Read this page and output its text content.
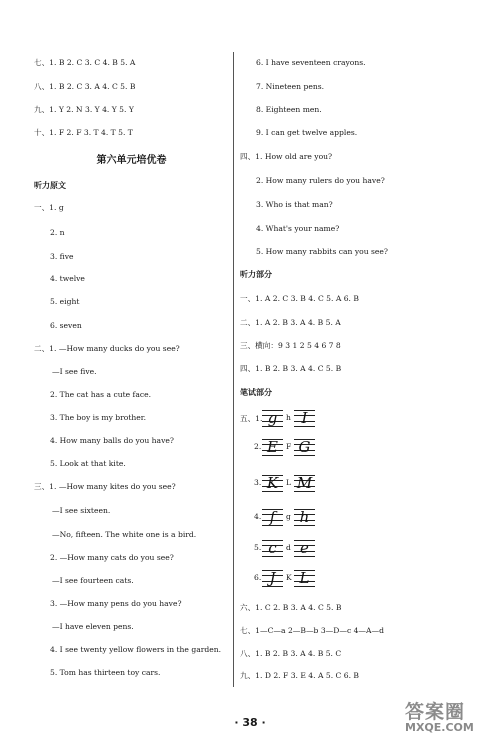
七、1. B 2. C 3. C 4. B 5. A
八、1. B 2. C 3. A 4. C 5. B
九、1. Y 2. N 3. Y 4. Y 5. Y
十、1. F 2. F 3. T 4. T 5. T
第六单元培优卷
听力原文
一、1. g
2. n
3. five
4. twelve
5. eight
6. seven
二、1. —How many ducks do you see?
—I see five.
2. The cat has a cute face.
3. The boy is my brother.
4. How many balls do you have?
5. Look at that kite.
三、1. —How many kites do you see?
—I see sixteen.
—No, fifteen. The white one is a bird.
2. —How many cats do you see?
—I see fourteen cats.
3. —How many pens do you have?
—I have eleven pens.
4. I see twenty yellow flowers in the garden.
5. Tom has thirteen toy cars.
6. I have seventeen crayons.
7. Nineteen pens.
8. Eighteen men.
9. I can get twelve apples.
四、1. How old are you?
2. How many rulers do you have?
3. Who is that man?
4. What's your name?
5. How many rabbits can you see?
听力部分
一、1. A 2. C 3. B 4. C 5. A 6. B
二、1. A 2. B 3. A 4. B 5. A
三、横向：9 3 1 2 5 4 6 7 8
四、1. B 2. B 3. A 4. C 5. B
笔试部分
五、1. g	h I
2. E	F G
3. K	L M
4. f	g h
5. c	d e
6. J	K L
六、1. C 2. B 3. A 4. C 5. B
七、1—C—a 2—B—b 3—D—c 4—A—d
八、1. B 2. B 3. A 4. B 5. C
九、1. D 2. F 3. E 4. A 5. C 6. B
· 38 ·	答案圈
MXQE.COM
